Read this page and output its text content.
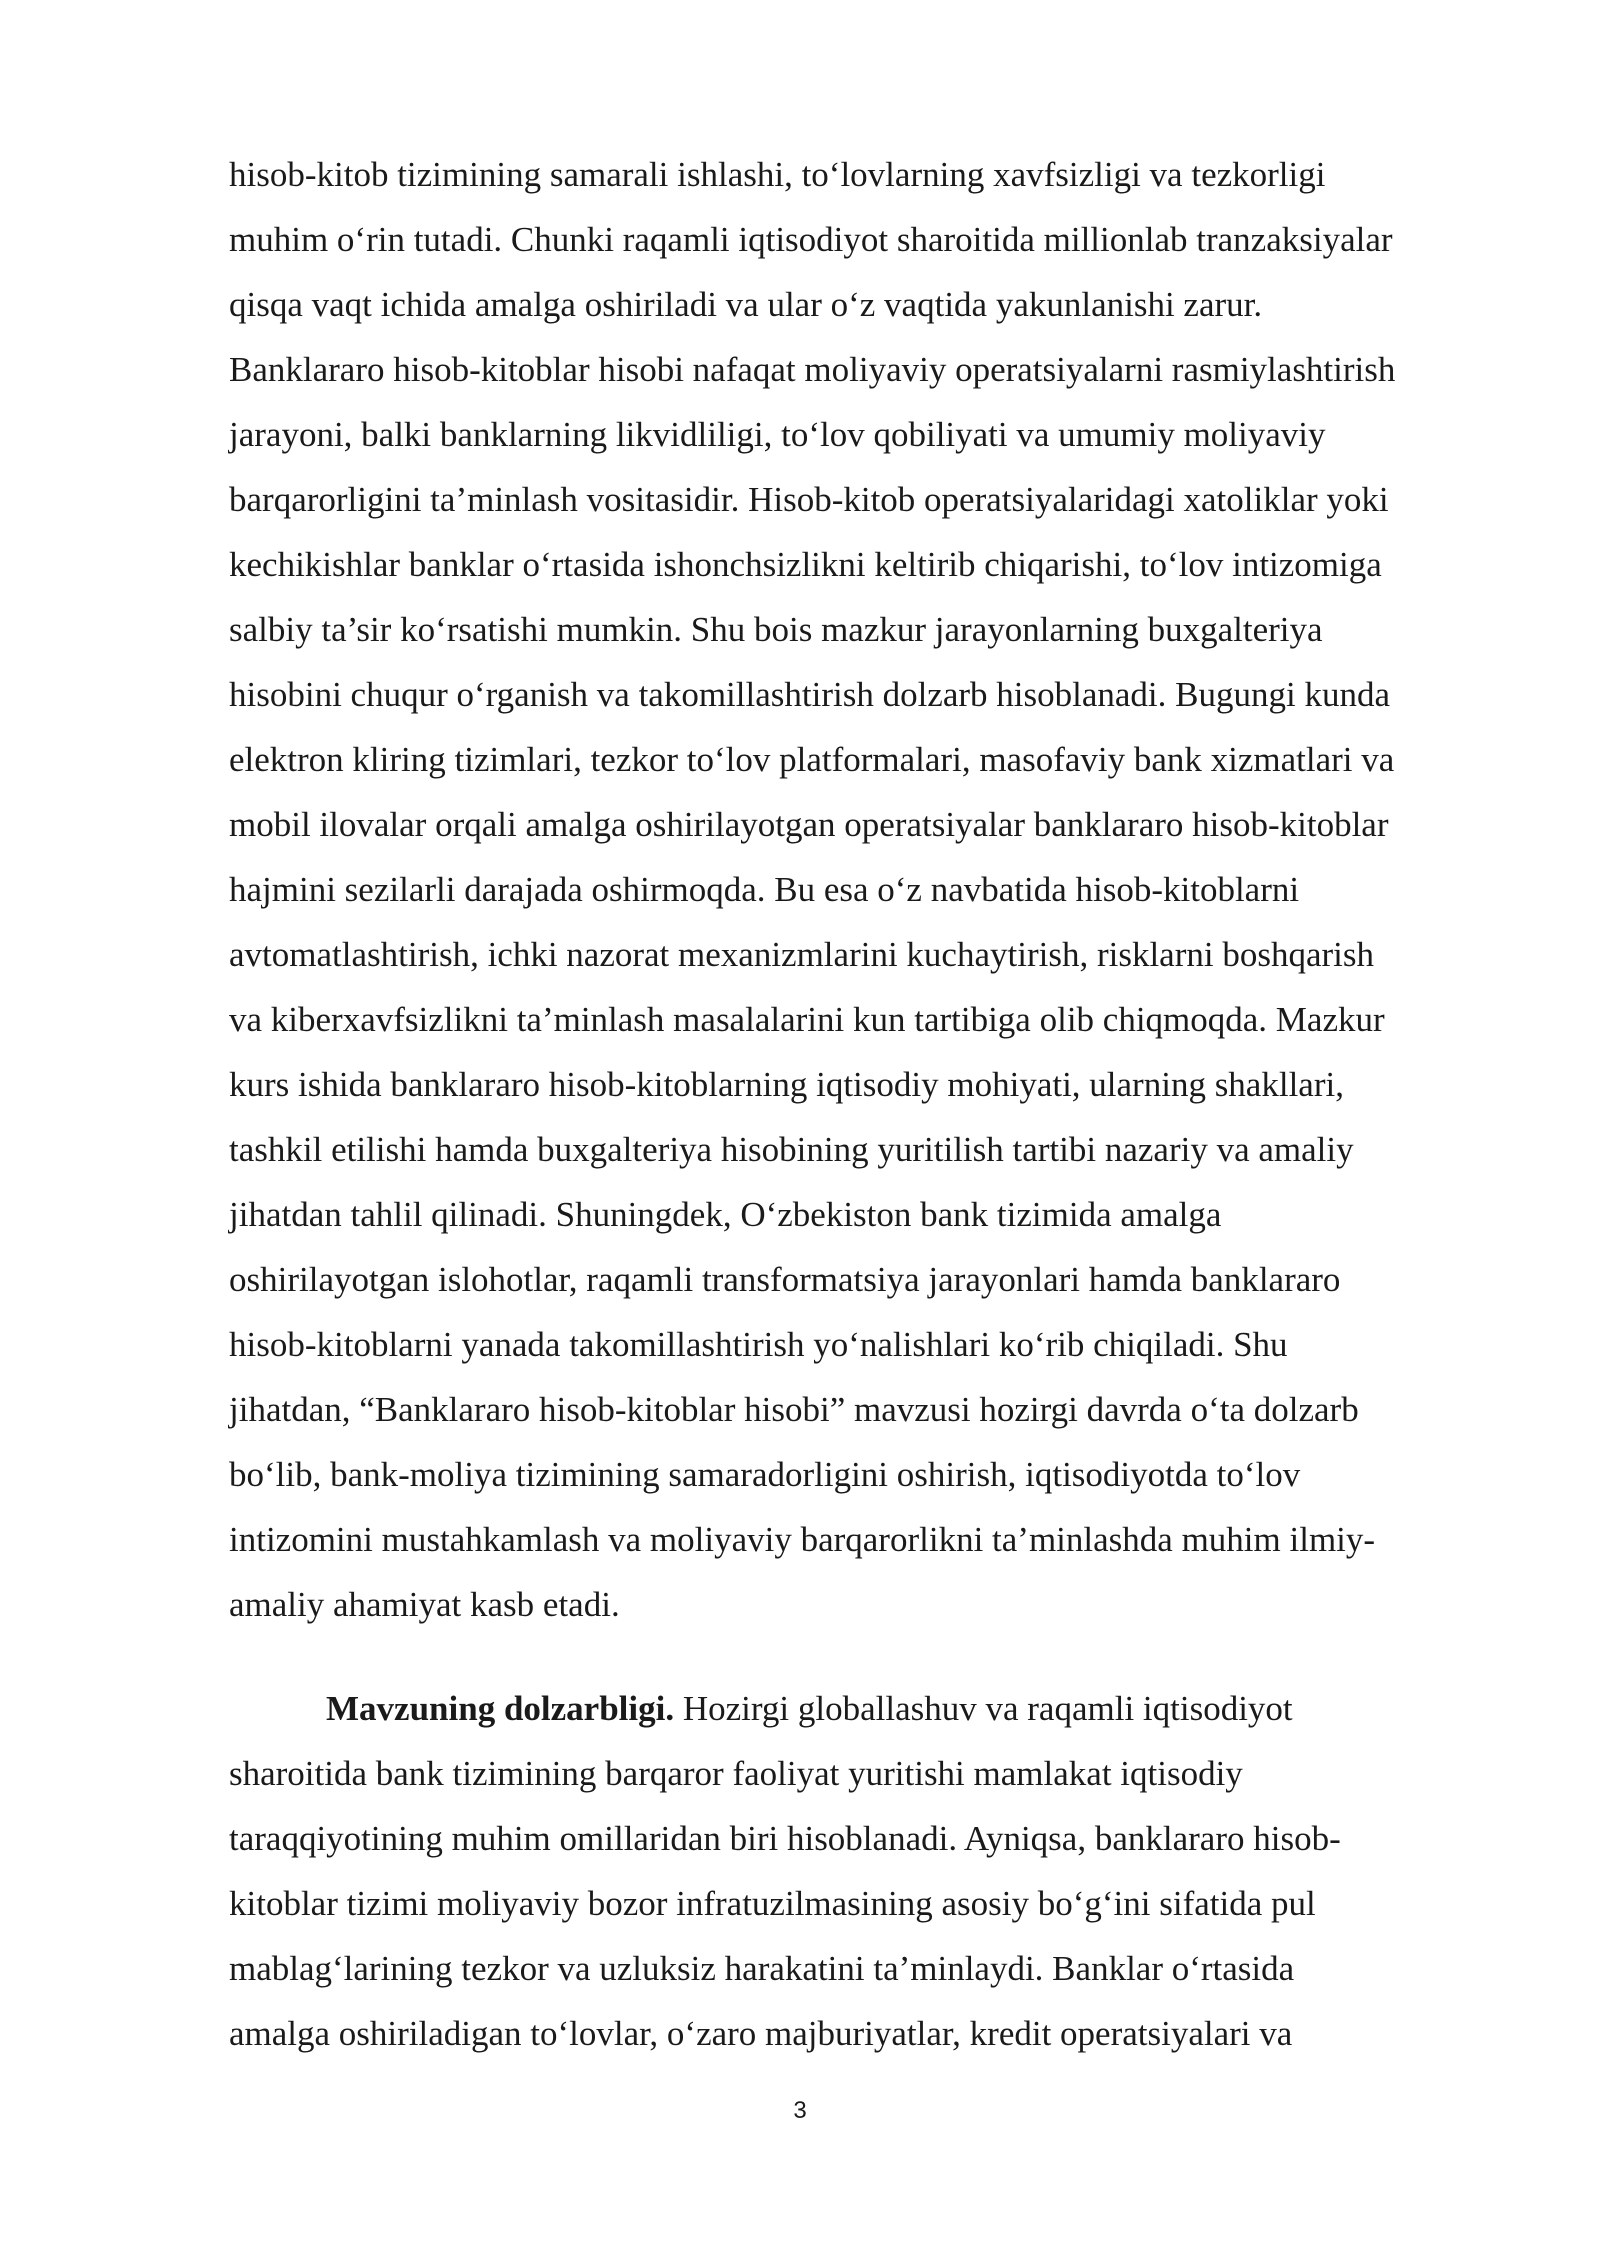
hisob-kitob tizimining samarali ishlashi, to‘lovlarning xavfsizligi va tezkorligi
muhim o‘rin tutadi. Chunki raqamli iqtisodiyot sharoitida millionlab tranzaksiyalar
qisqa vaqt ichida amalga oshiriladi va ular o‘z vaqtida yakunlanishi zarur.
Banklararo hisob-kitoblar hisobi nafaqat moliyaviy operatsiyalarni rasmiylashtirish
jarayoni, balki banklarning likvidliligi, to‘lov qobiliyati va umumiy moliyaviy
barqarorligini ta’minlash vositasidir. Hisob-kitob operatsiyalaridagi xatoliklar yoki
kechikishlar banklar o‘rtasida ishonchsizlikni keltirib chiqarishi, to‘lov intizomiga
salbiy ta’sir ko‘rsatishi mumkin. Shu bois mazkur jarayonlarning buxgalteriya
hisobini chuqur o‘rganish va takomillashtirish dolzarb hisoblanadi. Bugungi kunda
elektron kliring tizimlari, tezkor to‘lov platformalari, masofaviy bank xizmatlari va
mobil ilovalar orqali amalga oshirilayotgan operatsiyalar banklararo hisob-kitoblar
hajmini sezilarli darajada oshirmoqda. Bu esa o‘z navbatida hisob-kitoblarni
avtomatlashtirish, ichki nazorat mexanizmlarini kuchaytirish, risklarni boshqarish
va kiberxavfsizlikni ta’minlash masalalarini kun tartibiga olib chiqmoqda. Mazkur
kurs ishida banklararo hisob-kitoblarning iqtisodiy mohiyati, ularning shakllari,
tashkil etilishi hamda buxgalteriya hisobining yuritilish tartibi nazariy va amaliy
jihatdan tahlil qilinadi. Shuningdek, O‘zbekiston bank tizimida amalga
oshirilayotgan islohotlar, raqamli transformatsiya jarayonlari hamda banklararo
hisob-kitoblarni yanada takomillashtirish yo‘nalishlari ko‘rib chiqiladi. Shu
jihatdan, “Banklararo hisob-kitoblar hisobi” mavzusi hozirgi davrda o‘ta dolzarb
bo‘lib, bank-moliya tizimining samaradorligini oshirish, iqtisodiyotda to‘lov
intizomini mustahkamlash va moliyaviy barqarorlikni ta’minlashda muhim ilmiy-
amaliy ahamiyat kasb etadi.
Mavzuning dolzarbligi. Hozirgi globallashuv va raqamli iqtisodiyot
sharoitida bank tizimining barqaror faoliyat yuritishi mamlakat iqtisodiy
taraqqiyotining muhim omillaridan biri hisoblanadi. Ayniqsa, banklararo hisob-
kitoblar tizimi moliyaviy bozor infratuzilmasining asosiy bo‘g‘ini sifatida pul
mablag‘larining tezkor va uzluksiz harakatini ta’minlaydi. Banklar o‘rtasida
amalga oshiriladigan to‘lovlar, o‘zaro majburiyatlar, kredit operatsiyalari va
3
